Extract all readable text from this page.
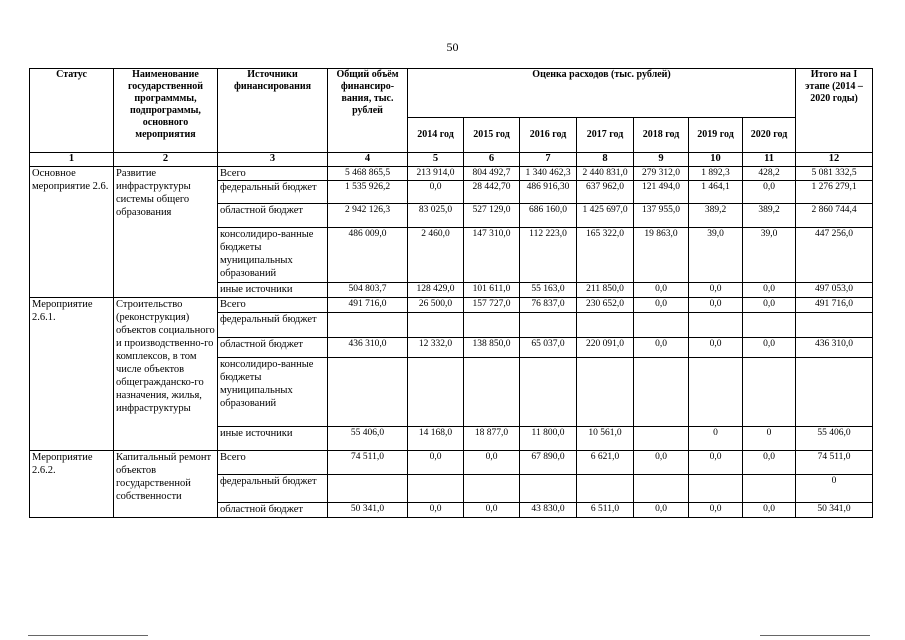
50
Статус	Наименование государственной программмы, подпрограммы, основного мероприятия	Источники финансирования	Общий объём финансиро-вания, тыс. рублей	Оценка расходов (тыс. рублей)							Итого на I этапе (2014 – 2020 годы)
				2014 год	2015 год	2016 год	2017 год	2018 год	2019 год	2020 год	
1	2	3	4	5	6	7	8	9	10	11	12
Основное мероприятие 2.6.	Развитие инфраструктуры системы общего образования	Всего	5 468 865,5	213 914,0	804 492,7	1 340 462,3	2 440 831,0	279 312,0	1 892,3	428,2	5 081 332,5
		федеральный бюджет	1 535 926,2	0,0	28 442,70	486 916,30	637 962,0	121 494,0	1 464,1	0,0	1 276 279,1
		областной бюджет	2 942 126,3	83 025,0	527 129,0	686 160,0	1 425 697,0	137 955,0	389,2	389,2	2 860 744,4
		консолидиро-ванные бюджеты муниципальных образований	486 009,0	2 460,0	147 310,0	112 223,0	165 322,0	19 863,0	39,0	39,0	447 256,0
		иные источники	504 803,7	128 429,0	101 611,0	55 163,0	211 850,0	0,0	0,0	0,0	497 053,0
Мероприятие 2.6.1.	Строительство (реконструкция) объектов социального и производственно-го комплексов, в том числе объектов общегражданско-го назначения, жилья, инфраструктуры	Всего	491 716,0	26 500,0	157 727,0	76 837,0	230 652,0	0,0	0,0	0,0	491 716,0
		федеральный бюджет									
		областной бюджет	436 310,0	12 332,0	138 850,0	65 037,0	220 091,0	0,0	0,0	0,0	436 310,0
		консолидиро-ванные бюджеты муниципальных образований									
		иные источники	55 406,0	14 168,0	18 877,0	11 800,0	10 561,0		0	0	55 406,0
Мероприятие 2.6.2.	Капитальный ремонт объектов государственной собственности	Всего	74 511,0	0,0	0,0	67 890,0	6 621,0	0,0	0,0	0,0	74 511,0
		федеральный бюджет									0
		областной бюджет	50 341,0	0,0	0,0	43 830,0	6 511,0	0,0	0,0	0,0	50 341,0
